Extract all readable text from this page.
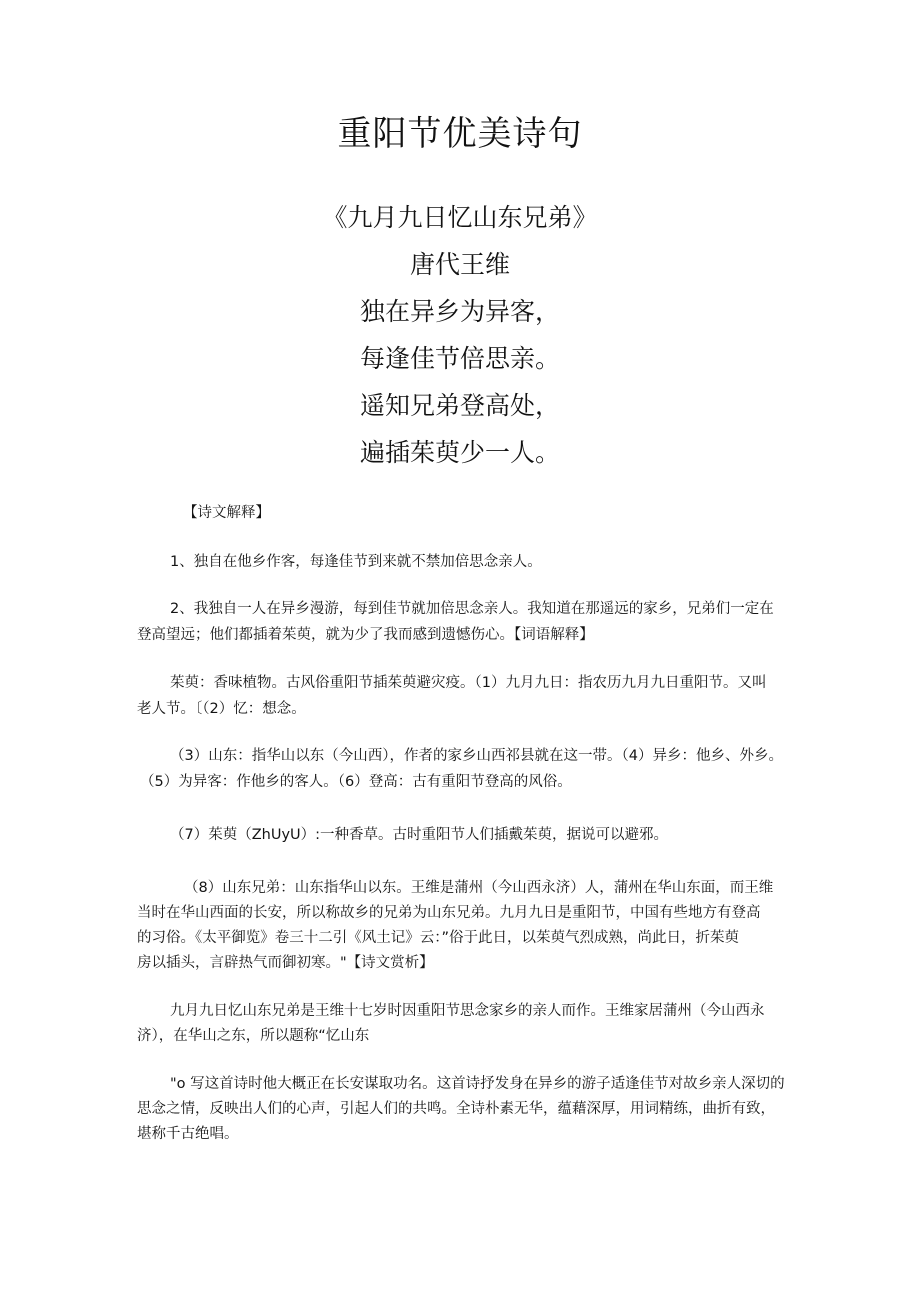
重阳节优美诗句
《九月九日忆山东兄弟》
唐代王维
独在异乡为异客，
每逢佳节倍思亲。
遥知兄弟登高处，
遍插茱萸少一人。
【诗文解释】
1、独自在他乡作客，每逢佳节到来就不禁加倍思念亲人。
2、我独自一人在异乡漫游，每到佳节就加倍思念亲人。我知道在那遥远的家乡，兄弟们一定在
登高望远；他们都插着茱萸，就为少了我而感到遗憾伤心。【词语解释】
茱萸：香味植物。古风俗重阳节插茱萸避灾疫。（1）九月九日：指农历九月九日重阳节。又叫
老人节。〔（2）忆：想念。
（3）山东：指华山以东（今山西），作者的家乡山西祁县就在这一带。（4）异乡：他乡、外乡。
（5）为异客：作他乡的客人。（6）登高：古有重阳节登高的风俗。
（7）茱萸（ZhUyU）:一种香草。古时重阳节人们插戴茱萸，据说可以避邪。
（8）山东兄弟：山东指华山以东。王维是蒲州（今山西永济）人，蒲州在华山东面，而王维
当时在华山西面的长安，所以称故乡的兄弟为山东兄弟。九月九日是重阳节，中国有些地方有登高
的习俗。《太平御览》卷三十二引《风土记》云：”俗于此日，以茱萸气烈成熟，尚此日，折茱萸
房以插头，言辟热气而御初寒。"【诗文赏析】
九月九日忆山东兄弟是王维十七岁时因重阳节思念家乡的亲人而作。王维家居蒲州（今山西永
济），在华山之东，所以题称“忆山东
"o 写这首诗时他大概正在长安谋取功名。这首诗抒发身在异乡的游子适逢佳节对故乡亲人深切的
思念之情，反映出人们的心声，引起人们的共鸣。全诗朴素无华，蕴藉深厚，用词精练，曲折有致，
堪称千古绝唱。
